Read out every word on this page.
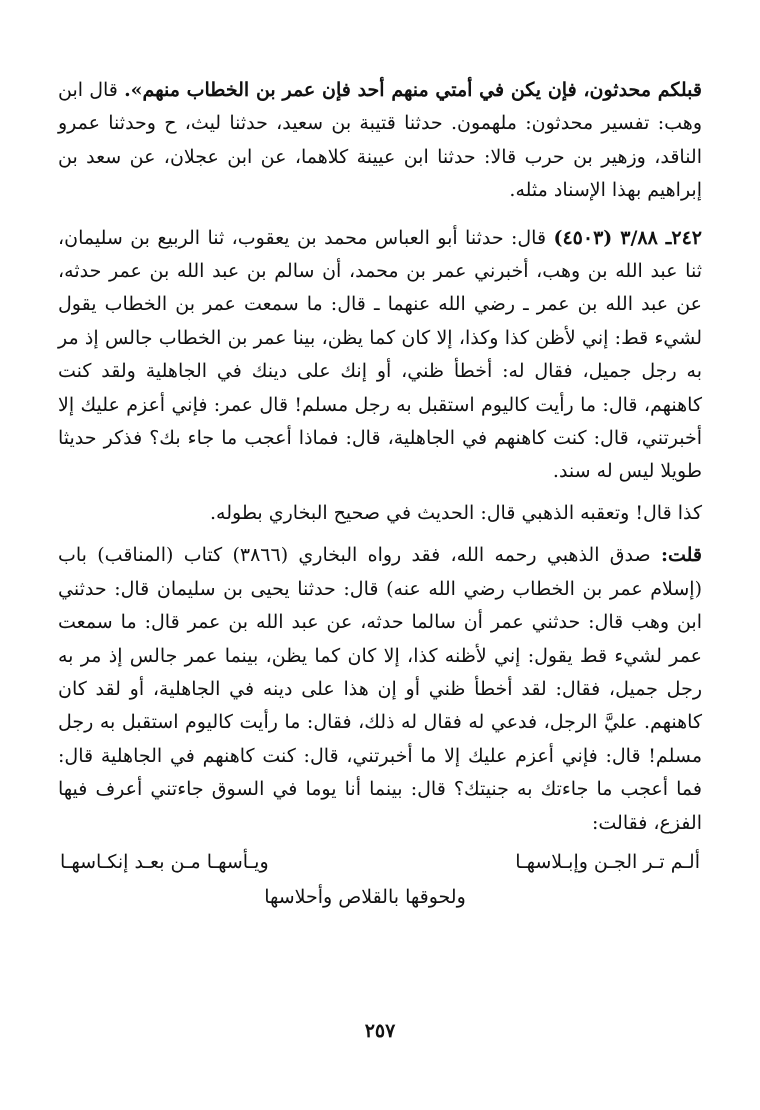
قبلكم محدثون، فإن يكن في أمتي منهم أحد فإن عمر بن الخطاب منهم». قال ابن وهب: تفسير محدثون: ملهمون. حدثنا قتيبة بن سعيد، حدثنا ليث، ح وحدثنا عمرو الناقد، وزهير بن حرب قالا: حدثنا ابن عيينة كلاهما، عن ابن عجلان، عن سعد بن إبراهيم بهذا الإسناد مثله.

٢٤٢ـ ٣/٨٨ (٤٥٠٣) قال: حدثنا أبو العباس محمد بن يعقوب، ثنا الربيع بن سليمان، ثنا عبد الله بن وهب، أخبرني عمر بن محمد، أن سالم بن عبد الله بن عمر حدثه، عن عبد الله بن عمر ـ رضي الله عنهما ـ قال: ما سمعت عمر بن الخطاب يقول لشيء قط: إني لأظن كذا وكذا، إلا كان كما يظن، بينا عمر بن الخطاب جالس إذ مر به رجل جميل، فقال له: أخطأ ظني، أو إنك على دينك في الجاهلية ولقد كنت كاهنهم، قال: ما رأيت كاليوم استقبل به رجل مسلم! قال عمر: فإني أعزم عليك إلا أخبرتني، قال: كنت كاهنهم في الجاهلية، قال: فماذا أعجب ما جاء بك؟ فذكر حديثا طويلا ليس له سند.

كذا قال! وتعقبه الذهبي قال: الحديث في صحيح البخاري بطوله.

قلت: صدق الذهبي رحمه الله، فقد رواه البخاري (٣٨٦٦) كتاب (المناقب) باب (إسلام عمر بن الخطاب رضي الله عنه) قال: حدثنا يحيى بن سليمان قال: حدثني ابن وهب قال: حدثني عمر أن سالما حدثه، عن عبد الله بن عمر قال: ما سمعت عمر لشيء قط يقول: إني لأظنه كذا، إلا كان كما يظن، بينما عمر جالس إذ مر به رجل جميل، فقال: لقد أخطأ ظني أو إن هذا على دينه في الجاهلية، أو لقد كان كاهنهم. عليَّ الرجل، فدعي له فقال له ذلك، فقال: ما رأيت كاليوم استقبل به رجل مسلم! قال: فإني أعزم عليك إلا ما أخبرتني، قال: كنت كاهنهم في الجاهلية قال: فما أعجب ما جاءتك به جنيتك؟ قال: بينما أنا يوما في السوق جاءتني أعرف فيها الفزع، فقالت:

ألـم تـر الجـن وإبـلاسهـا
ويـأسهـا مـن بعـد إنكـاسهـا
ولحوقها بالقلاص وأحلاسها
٢٥٧
